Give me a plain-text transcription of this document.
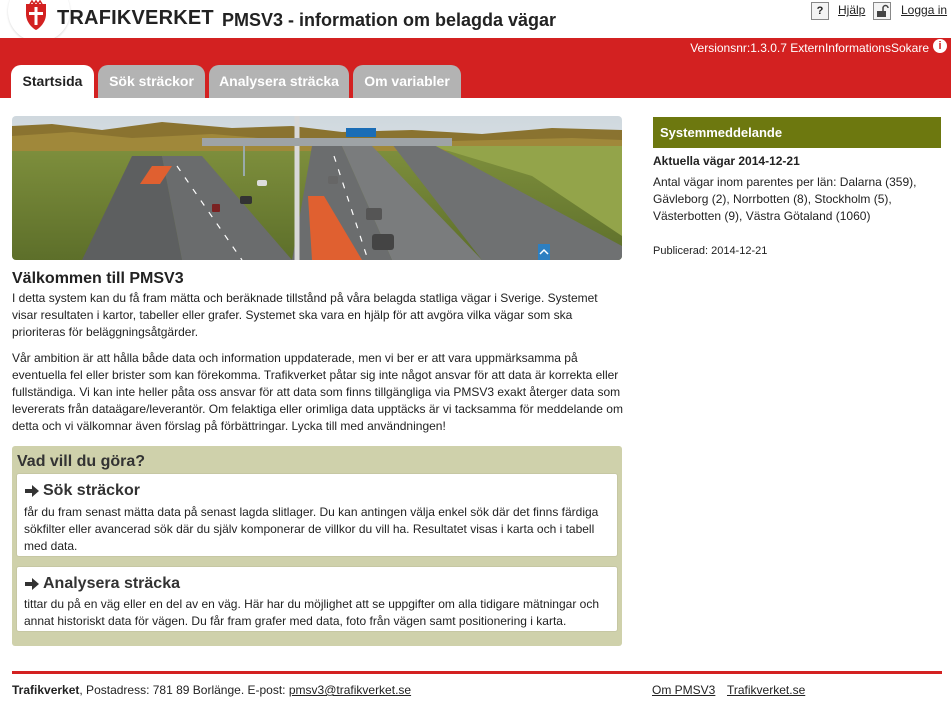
TRAFIKVERKET PMSV3 - information om belagda vägar	?	Hjälp	Logga in
Versionsnr:1.3.0.7 ExternInformationsSokare i
Startsida	Sök sträckor	Analysera sträcka	Om variabler
Välkommen till PMSV3

I detta system kan du få fram mätta och beräknade tillstånd på våra belagda statliga vägar i Sverige. Systemet visar resultaten i kartor, tabeller eller grafer. Systemet ska vara en hjälp för att avgöra vilka vägar som ska prioriteras för beläggningsåtgärder.

Vår ambition är att hålla både data och information uppdaterade, men vi ber er att vara uppmärksamma på eventuella fel eller brister som kan förekomma. Trafikverket påtar sig inte något ansvar för att data är korrekta eller fullständiga. Vi kan inte heller påta oss ansvar för att data som finns tillgängliga via PMSV3 exakt återger data som levererats från dataägare/leverantör. Om felaktiga eller orimliga data upptäcks är vi tacksamma för meddelande om detta och vi välkomnar även förslag på förbättringar. Lycka till med användningen!

Vad vill du göra?
Sök sträckor

får du fram senast mätta data på senast lagda slitlager. Du kan antingen välja enkel sök där det finns färdiga sökfilter eller avancerad sök där du själv komponerar de villkor du vill ha. Resultatet visas i karta och i tabell med data.

Analysera sträcka

tittar du på en väg eller en del av en väg. Här har du möjlighet att se uppgifter om alla tidigare mätningar och annat historiskt data för vägen. Du får fram grafer med data, foto från vägen samt positionering i karta.

Systemmeddelande
Aktuella vägar 2014-12-21

Antal vägar inom parentes per län: Dalarna (359), Gävleborg (2), Norrbotten (8), Stockholm (5), Västerbotten (9), Västra Götaland (1060)

Publicerad: 2014-12-21
Trafikverket, Postadress: 781 89 Borlänge. E-post: pmsv3@trafikverket.se	Om PMSV3 Trafikverket.se
